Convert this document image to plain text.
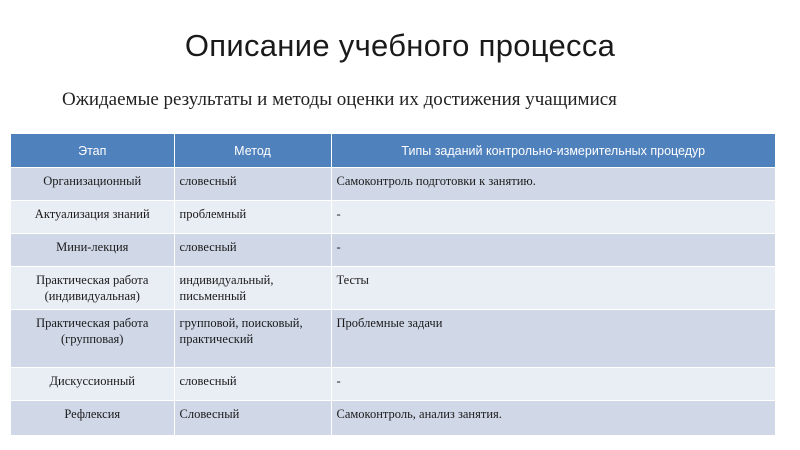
Описание учебного процесса
Ожидаемые результаты и методы оценки их достижения учащимися
Этап	Метод	Типы заданий контрольно-измерительных процедур
Организационный	словесный	Самоконтроль подготовки к занятию.
Актуализация знаний	проблемный	-
Мини-лекция	словесный	-
Практическая работа (индивидуальная)	индивидуальный, письменный	Тесты
Практическая работа (групповая)	групповой, поисковый, практический	Проблемные задачи
Дискуссионный	словесный	-
Рефлексия	Словесный	Самоконтроль, анализ занятия.
